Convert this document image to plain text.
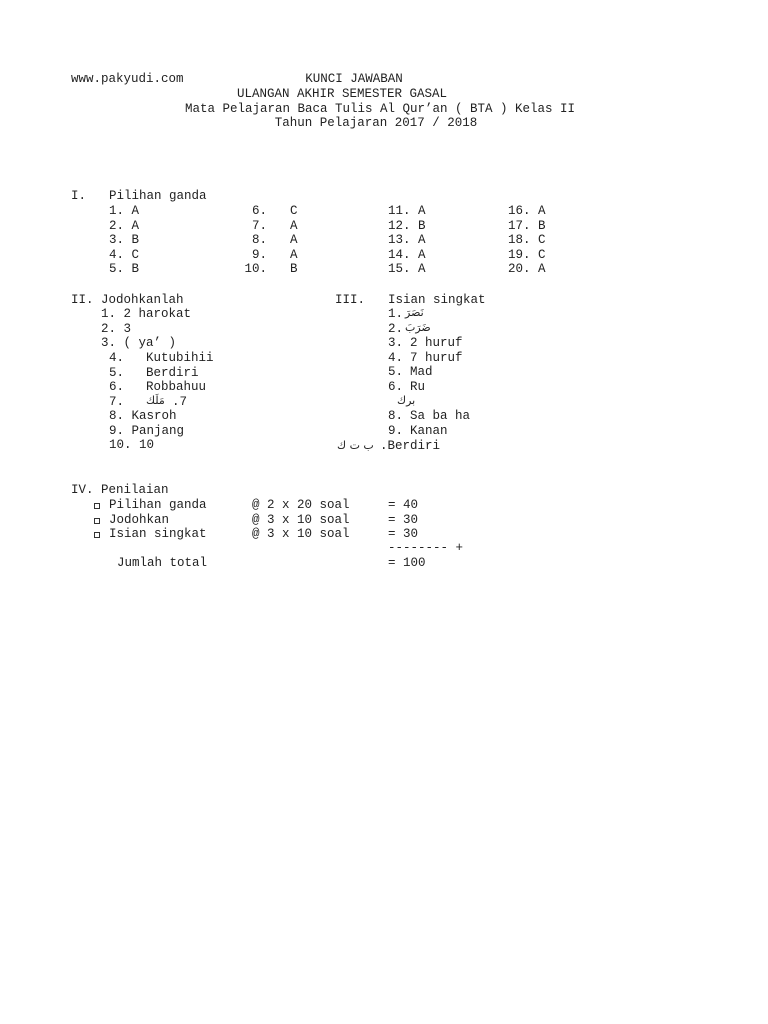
www.pakyudi.com	KUNCI JAWABAN
ULANGAN AKHIR SEMESTER GASAL
Mata Pelajaran Baca Tulis Al Qur’an ( BTA ) Kelas II
Tahun Pelajaran 2017 / 2018
I. Pilihan ganda
1. A
2. A
3. B
4. C
5. B
6. C
7. A
8. A
9. A
10. B
11. A
12. B
13. A
14. A
15. A
16. A
17. B
18. C
19. C
20. A
II. Jodohkanlah
1. 2 harokat
2. 3
3. ( ya’ )
4. Kutubihii
5. Berdiri
6. Robbahuu
7. مَلَك .7
8. Kasroh
9. Panjang
10. 10
III. Isian singkat
1. نَصَرَ
2. ضَرَبَ
3. 2 huruf
4. 7 huruf
5. Mad
6. Ru
برك
8. Sa ba ha
9. Kanan
ب ت ك .Berdiri
IV. Penilaian
Pilihan ganda	@ 2 x 20 soal	= 40
Jodohkan	@ 3 x 10 soal	= 30
Isian singkat	@ 3 x 10 soal	= 30
-------- +
Jumlah total	= 100
